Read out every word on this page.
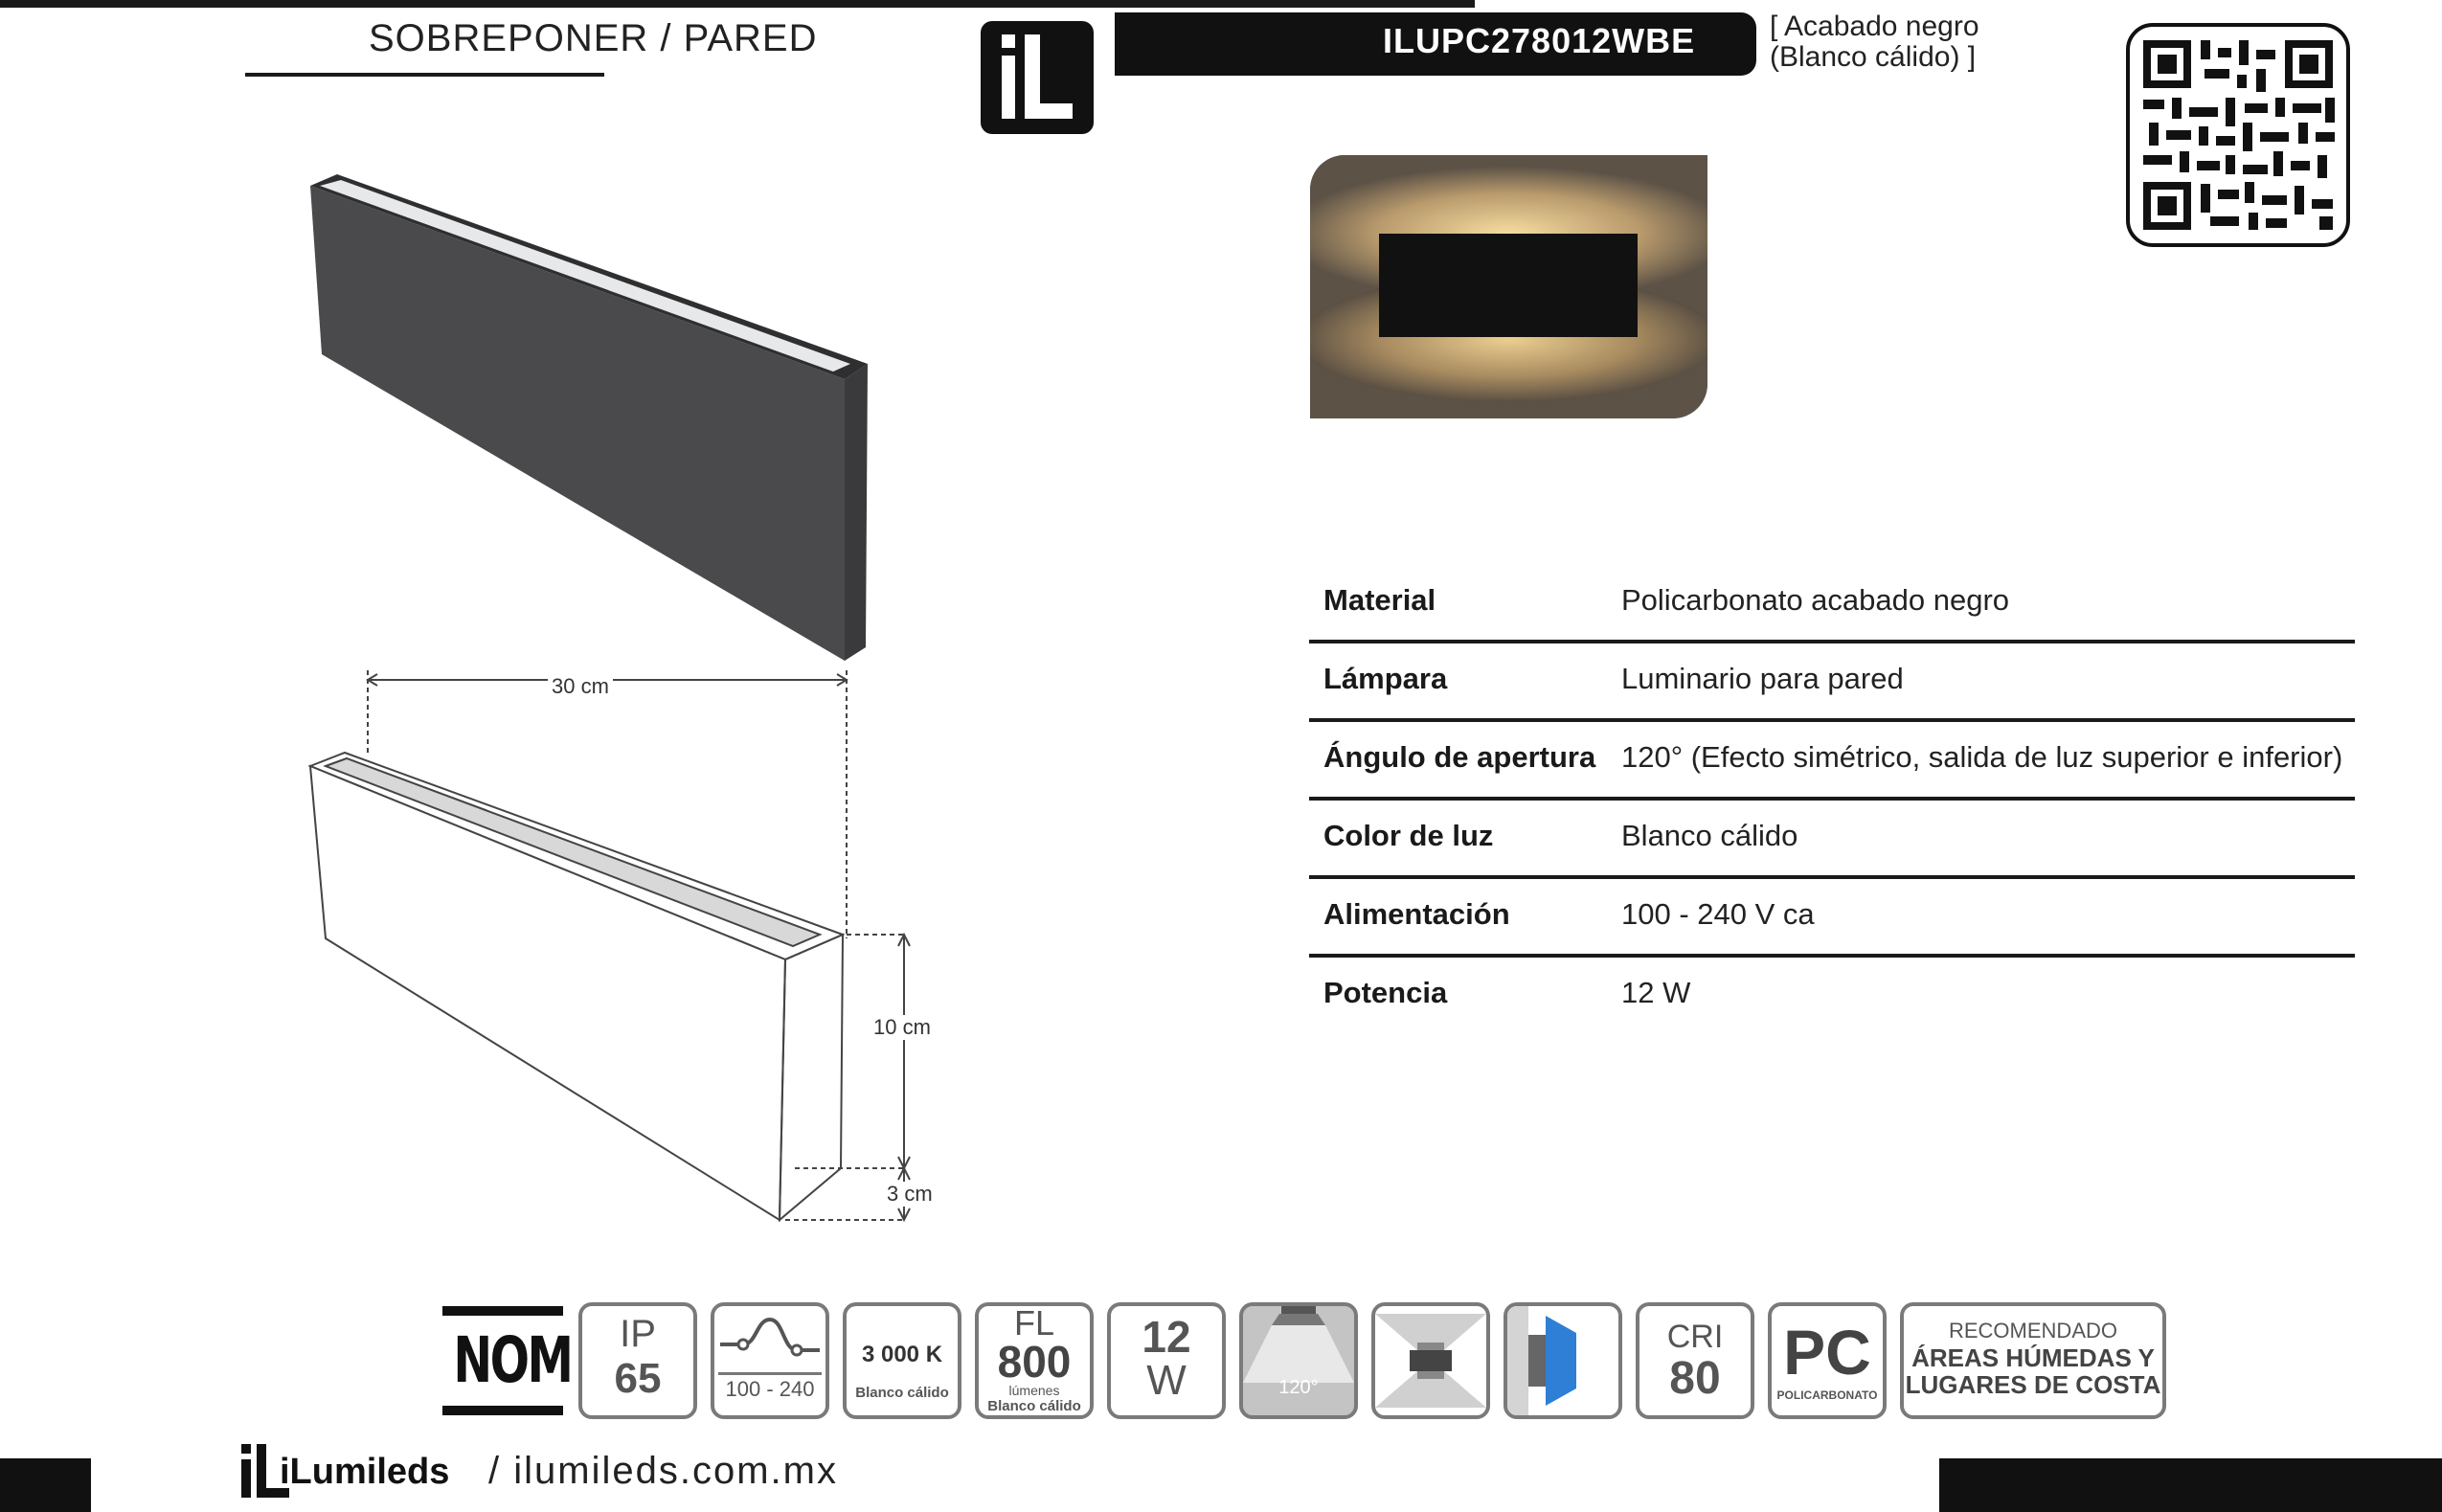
SOBREPONER / PARED	ILUPC278012WBE	[ Acabado negro
(Blanco cálido) ]
30 cm
10 cm
3 cm
Material	Policarbonato acabado negro
Lámpara	Luminario para pared
Ángulo de apertura 120° (Efecto simétrico, salida de luz superior e inferior)
Color de luz	Blanco cálido
Alimentación	100 - 240 V ca
Potencia	12 W
NOM	IP
65	100 - 240
3 000 K
Blanco cálido
FL
800
lúmenes
Blanco cálido
12
W	120°
CRI
80 PC
POLICARBONATO
RECOMENDADO
ÁREAS HÚMEDAS Y
LUGARES DE COSTA
iLumileds / ilumileds.com.mx
